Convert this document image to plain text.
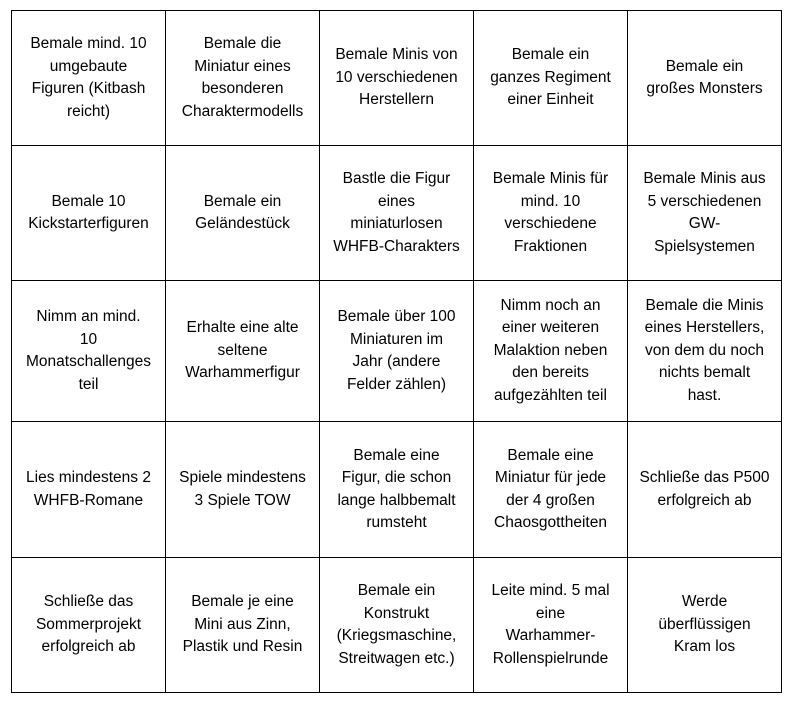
Bemale mind. 10
umgebaute
Figuren (Kitbash
reicht)	Bemale die
Miniatur eines
besonderen
Charaktermodells	Bemale Minis von
10 verschiedenen
Herstellern	Bemale ein
ganzes Regiment
einer Einheit	Bemale ein
großes Monsters

Bemale 10
Kickstarterfiguren	Bemale ein
Geländestück	Bastle die Figur
eines
miniaturlosen
WHFB-Charakters	Bemale Minis für
mind. 10
verschiedene
Fraktionen	Bemale Minis aus
5 verschiedenen
GW-
Spielsystemen

Nimm an mind.
10
Monatschallenges
teil	Erhalte eine alte
seltene
Warhammerfigur	Bemale über 100
Miniaturen im
Jahr (andere
Felder zählen)	Nimm noch an
einer weiteren
Malaktion neben
den bereits
aufgezählten teil	Bemale die Minis
eines Herstellers,
von dem du noch
nichts bemalt
hast.

Lies mindestens 2
WHFB-Romane	Spiele mindestens
3 Spiele TOW	Bemale eine
Figur, die schon
lange halbbemalt
rumsteht	Bemale eine
Miniatur für jede
der 4 großen
Chaosgottheiten	Schließe das P500
erfolgreich ab

Schließe das
Sommerprojekt
erfolgreich ab	Bemale je eine
Mini aus Zinn,
Plastik und Resin	Bemale ein
Konstrukt
(Kriegsmaschine,
Streitwagen etc.)	Leite mind. 5 mal
eine
Warhammer-
Rollenspielrunde	Werde
überflüssigen
Kram los
